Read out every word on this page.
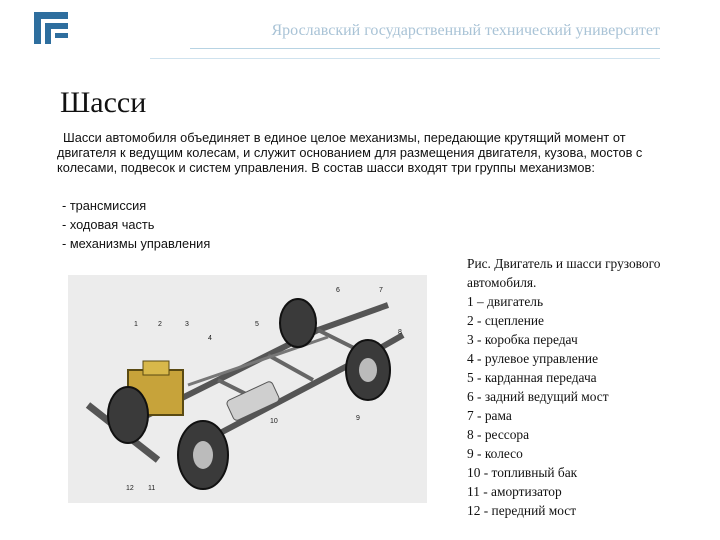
Ярославский государственный технический университет
Шасси
Шасси автомобиля объединяет в единое целое механизмы, передающие крутящий момент от двигателя к ведущим колесам, и служит основанием для размещения двигателя, кузова, мостов с колесами, подвесок и систем управления. В состав шасси входят три группы механизмов:
- трансмиссия
- ходовая часть
- механизмы управления
1	2	3
4
5
6	7
8
9
10
11
12
Рис. Двигатель и шасси грузового автомобиля.
1 – двигатель
2 - сцепление
3 - коробка передач
4 - рулевое управление
5 - карданная передача
6 - задний ведущий мост
7 - рама
8 - рессора
9 - колесо
10 - топливный бак
11 - амортизатор
12 - передний мост
